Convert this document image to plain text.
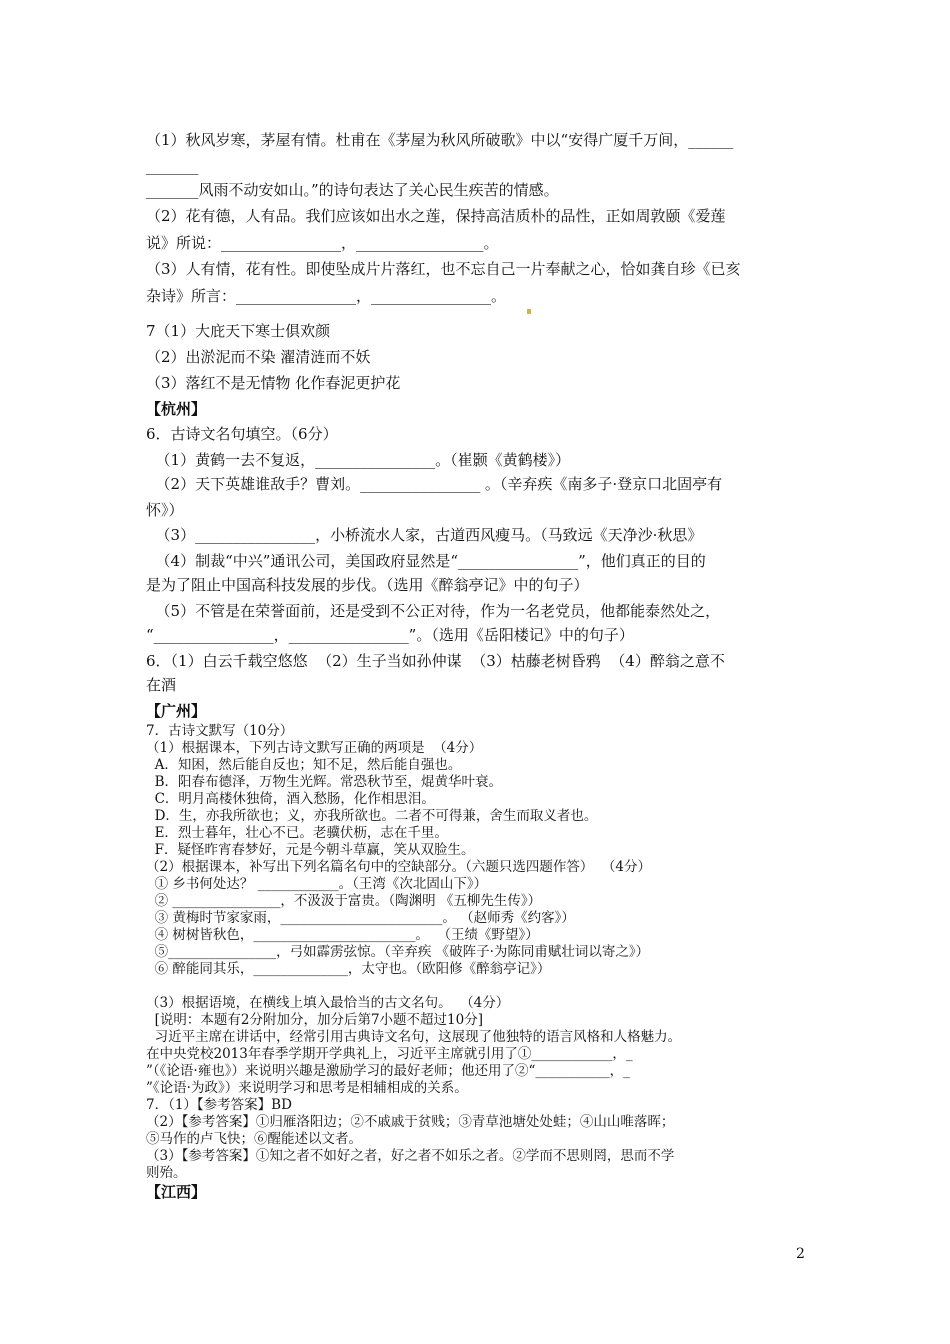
（1）秋风岁寒，茅屋有情。杜甫在《茅屋为秋风所破歌》中以“安得广厦千万间，______
_______
_______风雨不动安如山。”的诗句表达了关心民生疾苦的情感。
（2）花有德，人有品。我们应该如出水之莲，保持高洁质朴的品性，正如周敦颐《爱莲
说》所说：________________，_________________。
（3）人有情，花有性。即使坠成片片落红，也不忘自己一片奉献之心，恰如龚自珍《已亥
杂诗》所言：________________，________________。
7（1）大庇天下寒士俱欢颜
（2）出淤泥而不染 濯清涟而不妖
（3）落红不是无情物 化作春泥更护花
【杭州】
6．古诗文名句填空。（6分）
（1）黄鹤一去不复返，________________。（崔颢《黄鹤楼》）
（2）天下英雄谁敌手？曹刘。________________ 。（辛弃疾《南多子·登京口北固亭有
怀》）
（3）________________，小桥流水人家，古道西风瘦马。（马致远《天净沙·秋思》
（4）制裁“中兴”通讯公司，美国政府显然是“________________”，他们真正的目的
是为了阻止中国高科技发展的步伐。（选用《醉翁亭记》中的句子）
（5）不管是在荣誉面前，还是受到不公正对待，作为一名老党员，他都能泰然处之，
“________________，________________”。（选用《岳阳楼记》中的句子）
6．（1）白云千载空悠悠  （2）生子当如孙仲谋  （3）枯藤老树昏鸦  （4）醉翁之意不
在酒
【广州】
7．古诗文默写（10分）
（1）根据课本，下列古诗文默写正确的两项是  （4分）
A．知困，然后能自反也；知不足，然后能自强也。
B．阳春布德泽，万物生光辉。常恐秋节至，焜黄华叶衰。
C．明月高楼休独倚，酒入愁肠，化作相思泪。
D．生，亦我所欲也；义，亦我所欲也。二者不可得兼，舍生而取义者也。
E．烈士暮年，壮心不已。老骥伏枥，志在千里。
F．疑怪昨宵春梦好，元是今朝斗草赢，笑从双脸生。
（2）根据课本，补写出下列名篇名句中的空缺部分。（六题只选四题作答）  （4分）
① 乡书何处达？ ____________。（王湾《次北固山下》）
② ________________，不汲汲于富贵。（陶渊明 《五柳先生传》）
③ 黄梅时节家家雨，________________________。 （赵师秀《约客》）
④ 树树皆秋色，________________________。  （王绩《野望》）
⑤________________，弓如霹雳弦惊。（辛弃疾 《破阵子·为陈同甫赋壮词以寄之》）
⑥ 醉能同其乐，______________，太守也。（欧阳修《醉翁亭记》）
（3）根据语境，在横线上填入最恰当的古文名句。  （4分）
[说明：本题有2分附加分，加分后第7小题不超过10分]
习近平主席在讲话中，经常引用古典诗文名句，这展现了他独特的语言风格和人格魅力。
在中央党校2013年春季学期开学典礼上，习近平主席就引用了①____________，_
”（《论语·雍也》）来说明兴趣是激励学习的最好老师；他还用了②“___________，_
”《论语·为政》）来说明学习和思考是相辅相成的关系。
7．（1）【参考答案】BD
（2）【参考答案】①归雁洛阳边；②不戚戚于贫贱；③青草池塘处处蛙；④山山唯落晖；
⑤马作的卢飞快；⑥醒能述以文者。
（3）【参考答案】①知之者不如好之者，好之者不如乐之者。②学而不思则罔，思而不学
则殆。
【江西】
2
